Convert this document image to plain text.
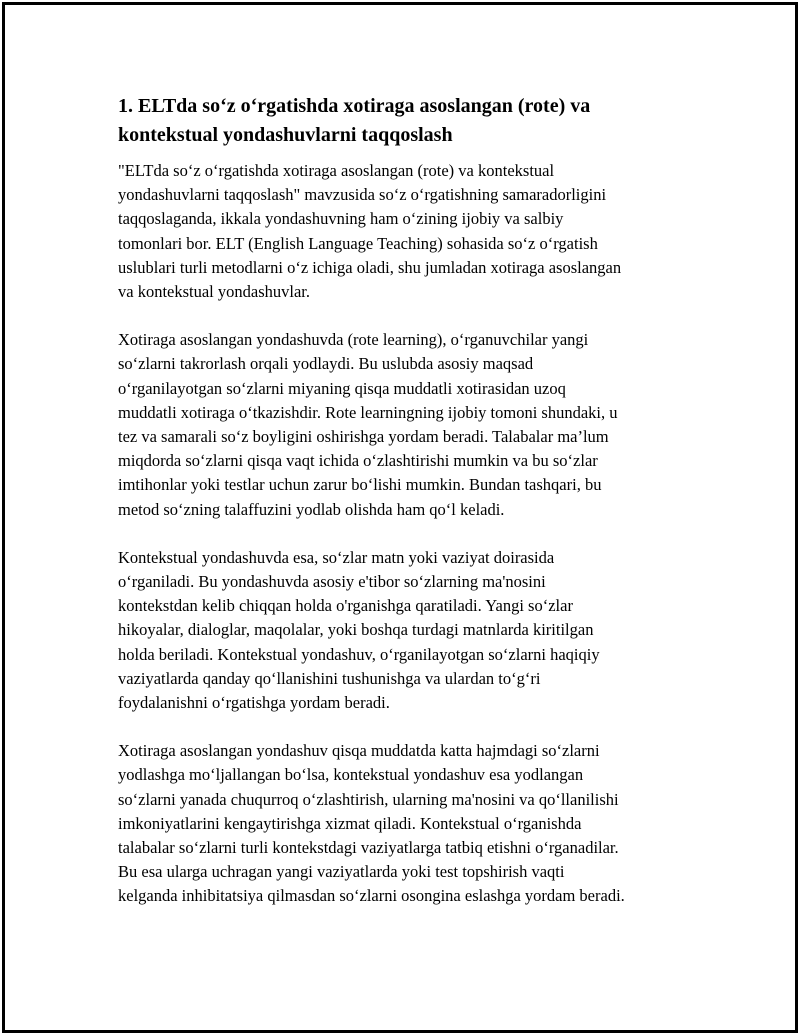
1. ELTda so‘z o‘rgatishda xotiraga asoslangan (rote) va
kontekstual yondashuvlarni taqqoslash

"ELTda so‘z o‘rgatishda xotiraga asoslangan (rote) va kontekstual
yondashuvlarni taqqoslash" mavzusida so‘z o‘rgatishning samaradorligini
taqqoslaganda, ikkala yondashuvning ham o‘zining ijobiy va salbiy
tomonlari bor. ELT (English Language Teaching) sohasida so‘z o‘rgatish
uslublari turli metodlarni o‘z ichiga oladi, shu jumladan xotiraga asoslangan
va kontekstual yondashuvlar.

Xotiraga asoslangan yondashuvda (rote learning), o‘rganuvchilar yangi
so‘zlarni takrorlash orqali yodlaydi. Bu uslubda asosiy maqsad
o‘rganilayotgan so‘zlarni miyaning qisqa muddatli xotirasidan uzoq
muddatli xotiraga o‘tkazishdir. Rote learningning ijobiy tomoni shundaki, u
tez va samarali so‘z boyligini oshirishga yordam beradi. Talabalar ma’lum
miqdorda so‘zlarni qisqa vaqt ichida o‘zlashtirishi mumkin va bu so‘zlar
imtihonlar yoki testlar uchun zarur bo‘lishi mumkin. Bundan tashqari, bu
metod so‘zning talaffuzini yodlab olishda ham qo‘l keladi.

Kontekstual yondashuvda esa, so‘zlar matn yoki vaziyat doirasida
o‘rganiladi. Bu yondashuvda asosiy e'tibor so‘zlarning ma'nosini
kontekstdan kelib chiqqan holda o'rganishga qaratiladi. Yangi so‘zlar
hikoyalar, dialoglar, maqolalar, yoki boshqa turdagi matnlarda kiritilgan
holda beriladi. Kontekstual yondashuv, o‘rganilayotgan so‘zlarni haqiqiy
vaziyatlarda qanday qo‘llanishini tushunishga va ulardan to‘g‘ri
foydalanishni o‘rgatishga yordam beradi.

Xotiraga asoslangan yondashuv qisqa muddatda katta hajmdagi so‘zlarni
yodlashga mo‘ljallangan bo‘lsa, kontekstual yondashuv esa yodlangan
so‘zlarni yanada chuqurroq o‘zlashtirish, ularning ma'nosini va qo‘llanilishi
imkoniyatlarini kengaytirishga xizmat qiladi. Kontekstual o‘rganishda
talabalar so‘zlarni turli kontekstdagi vaziyatlarga tatbiq etishni o‘rganadilar.
Bu esa ularga uchragan yangi vaziyatlarda yoki test topshirish vaqti
kelganda inhibitatsiya qilmasdan so‘zlarni osongina eslashga yordam beradi.
